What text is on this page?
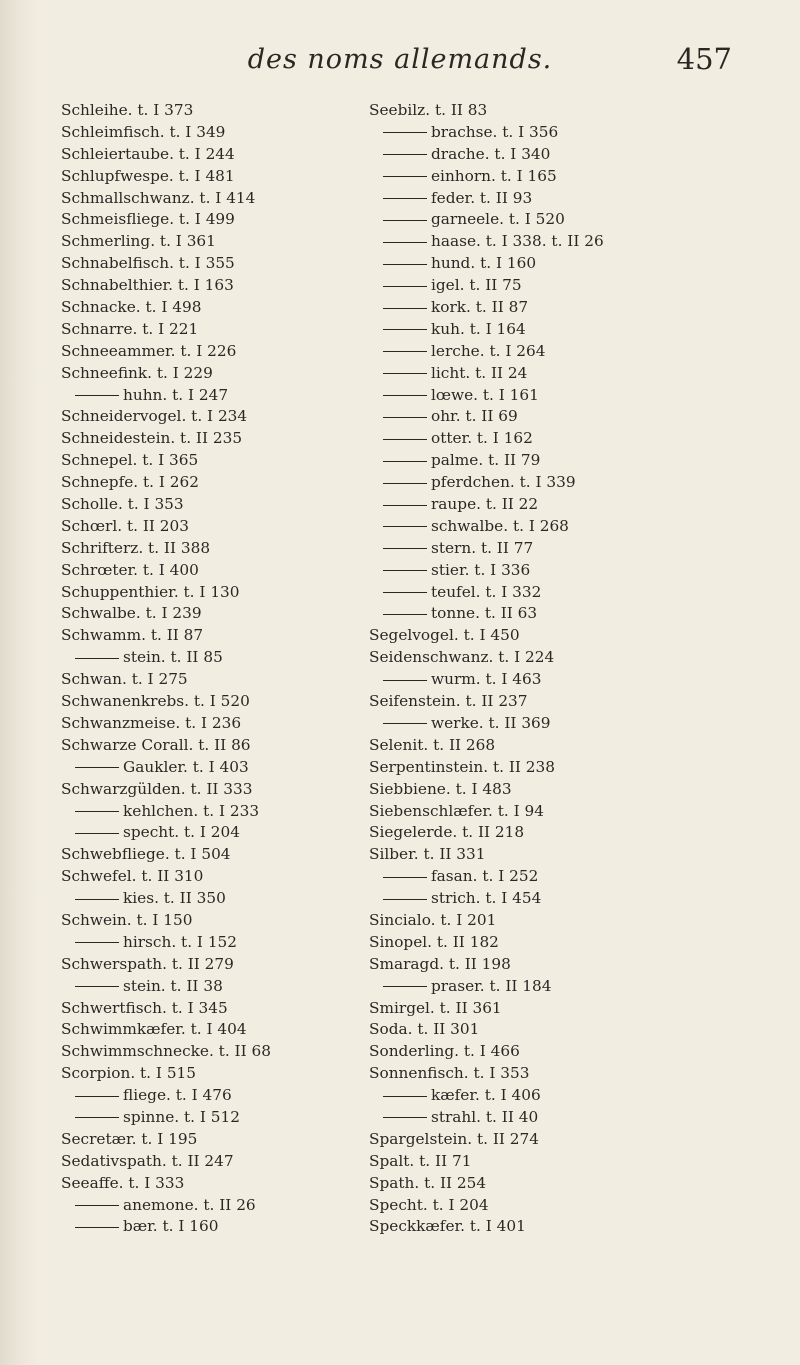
des noms allemands.	457
Schleihe. t. I 373
Schleimfisch. t. I 349
Schleiertaube. t. I 244
Schlupfwespe. t. I 481
Schmallschwanz. t. I 414
Schmeisfliege. t. I 499
Schmerling. t. I 361
Schnabelfisch. t. I 355
Schnabelthier. t. I 163
Schnacke. t. I 498
Schnarre. t. I 221
Schneeammer. t. I 226
Schneefink. t. I 229
huhn. t. I 247
Schneidervogel. t. I 234
Schneidestein. t. II 235
Schnepel. t. I 365
Schnepfe. t. I 262
Scholle. t. I 353
Schœrl. t. II 203
Schrifterz. t. II 388
Schrœter. t. I 400
Schuppenthier. t. I 130
Schwalbe. t. I 239
Schwamm. t. II 87
stein. t. II 85
Schwan. t. I 275
Schwanenkrebs. t. I 520
Schwanzmeise. t. I 236
Schwarze Corall. t. II 86
Gaukler. t. I 403
Schwarzgülden. t. II 333
kehlchen. t. I 233
specht. t. I 204
Schwebfliege. t. I 504
Schwefel. t. II 310
kies. t. II 350
Schwein. t. I 150
hirsch. t. I 152
Schwerspath. t. II 279
stein. t. II 38
Schwertfisch. t. I 345
Schwimmkæfer. t. I 404
Schwimmschnecke. t. II 68
Scorpion. t. I 515
fliege. t. I 476
spinne. t. I 512
Secretær. t. I 195
Sedativspath. t. II 247
Seeaffe. t. I 333
anemone. t. II 26
bær. t. I 160
Seebilz. t. II 83
brachse. t. I 356
drache. t. I 340
einhorn. t. I 165
feder. t. II 93
garneele. t. I 520
haase. t. I 338. t. II 26
hund. t. I 160
igel. t. II 75
kork. t. II 87
kuh. t. I 164
lerche. t. I 264
licht. t. II 24
lœwe. t. I 161
ohr. t. II 69
otter. t. I 162
palme. t. II 79
pferdchen. t. I 339
raupe. t. II 22
schwalbe. t. I 268
stern. t. II 77
stier. t. I 336
teufel. t. I 332
tonne. t. II 63
Segelvogel. t. I 450
Seidenschwanz. t. I 224
wurm. t. I 463
Seifenstein. t. II 237
werke. t. II 369
Selenit. t. II 268
Serpentinstein. t. II 238
Siebbiene. t. I 483
Siebenschlæfer. t. I 94
Siegelerde. t. II 218
Silber. t. II 331
fasan. t. I 252
strich. t. I 454
Sincialo. t. I 201
Sinopel. t. II 182
Smaragd. t. II 198
praser. t. II 184
Smirgel. t. II 361
Soda. t. II 301
Sonderling. t. I 466
Sonnenfisch. t. I 353
kæfer. t. I 406
strahl. t. II 40
Spargelstein. t. II 274
Spalt. t. II 71
Spath. t. II 254
Specht. t. I 204
Speckkæfer. t. I 401
